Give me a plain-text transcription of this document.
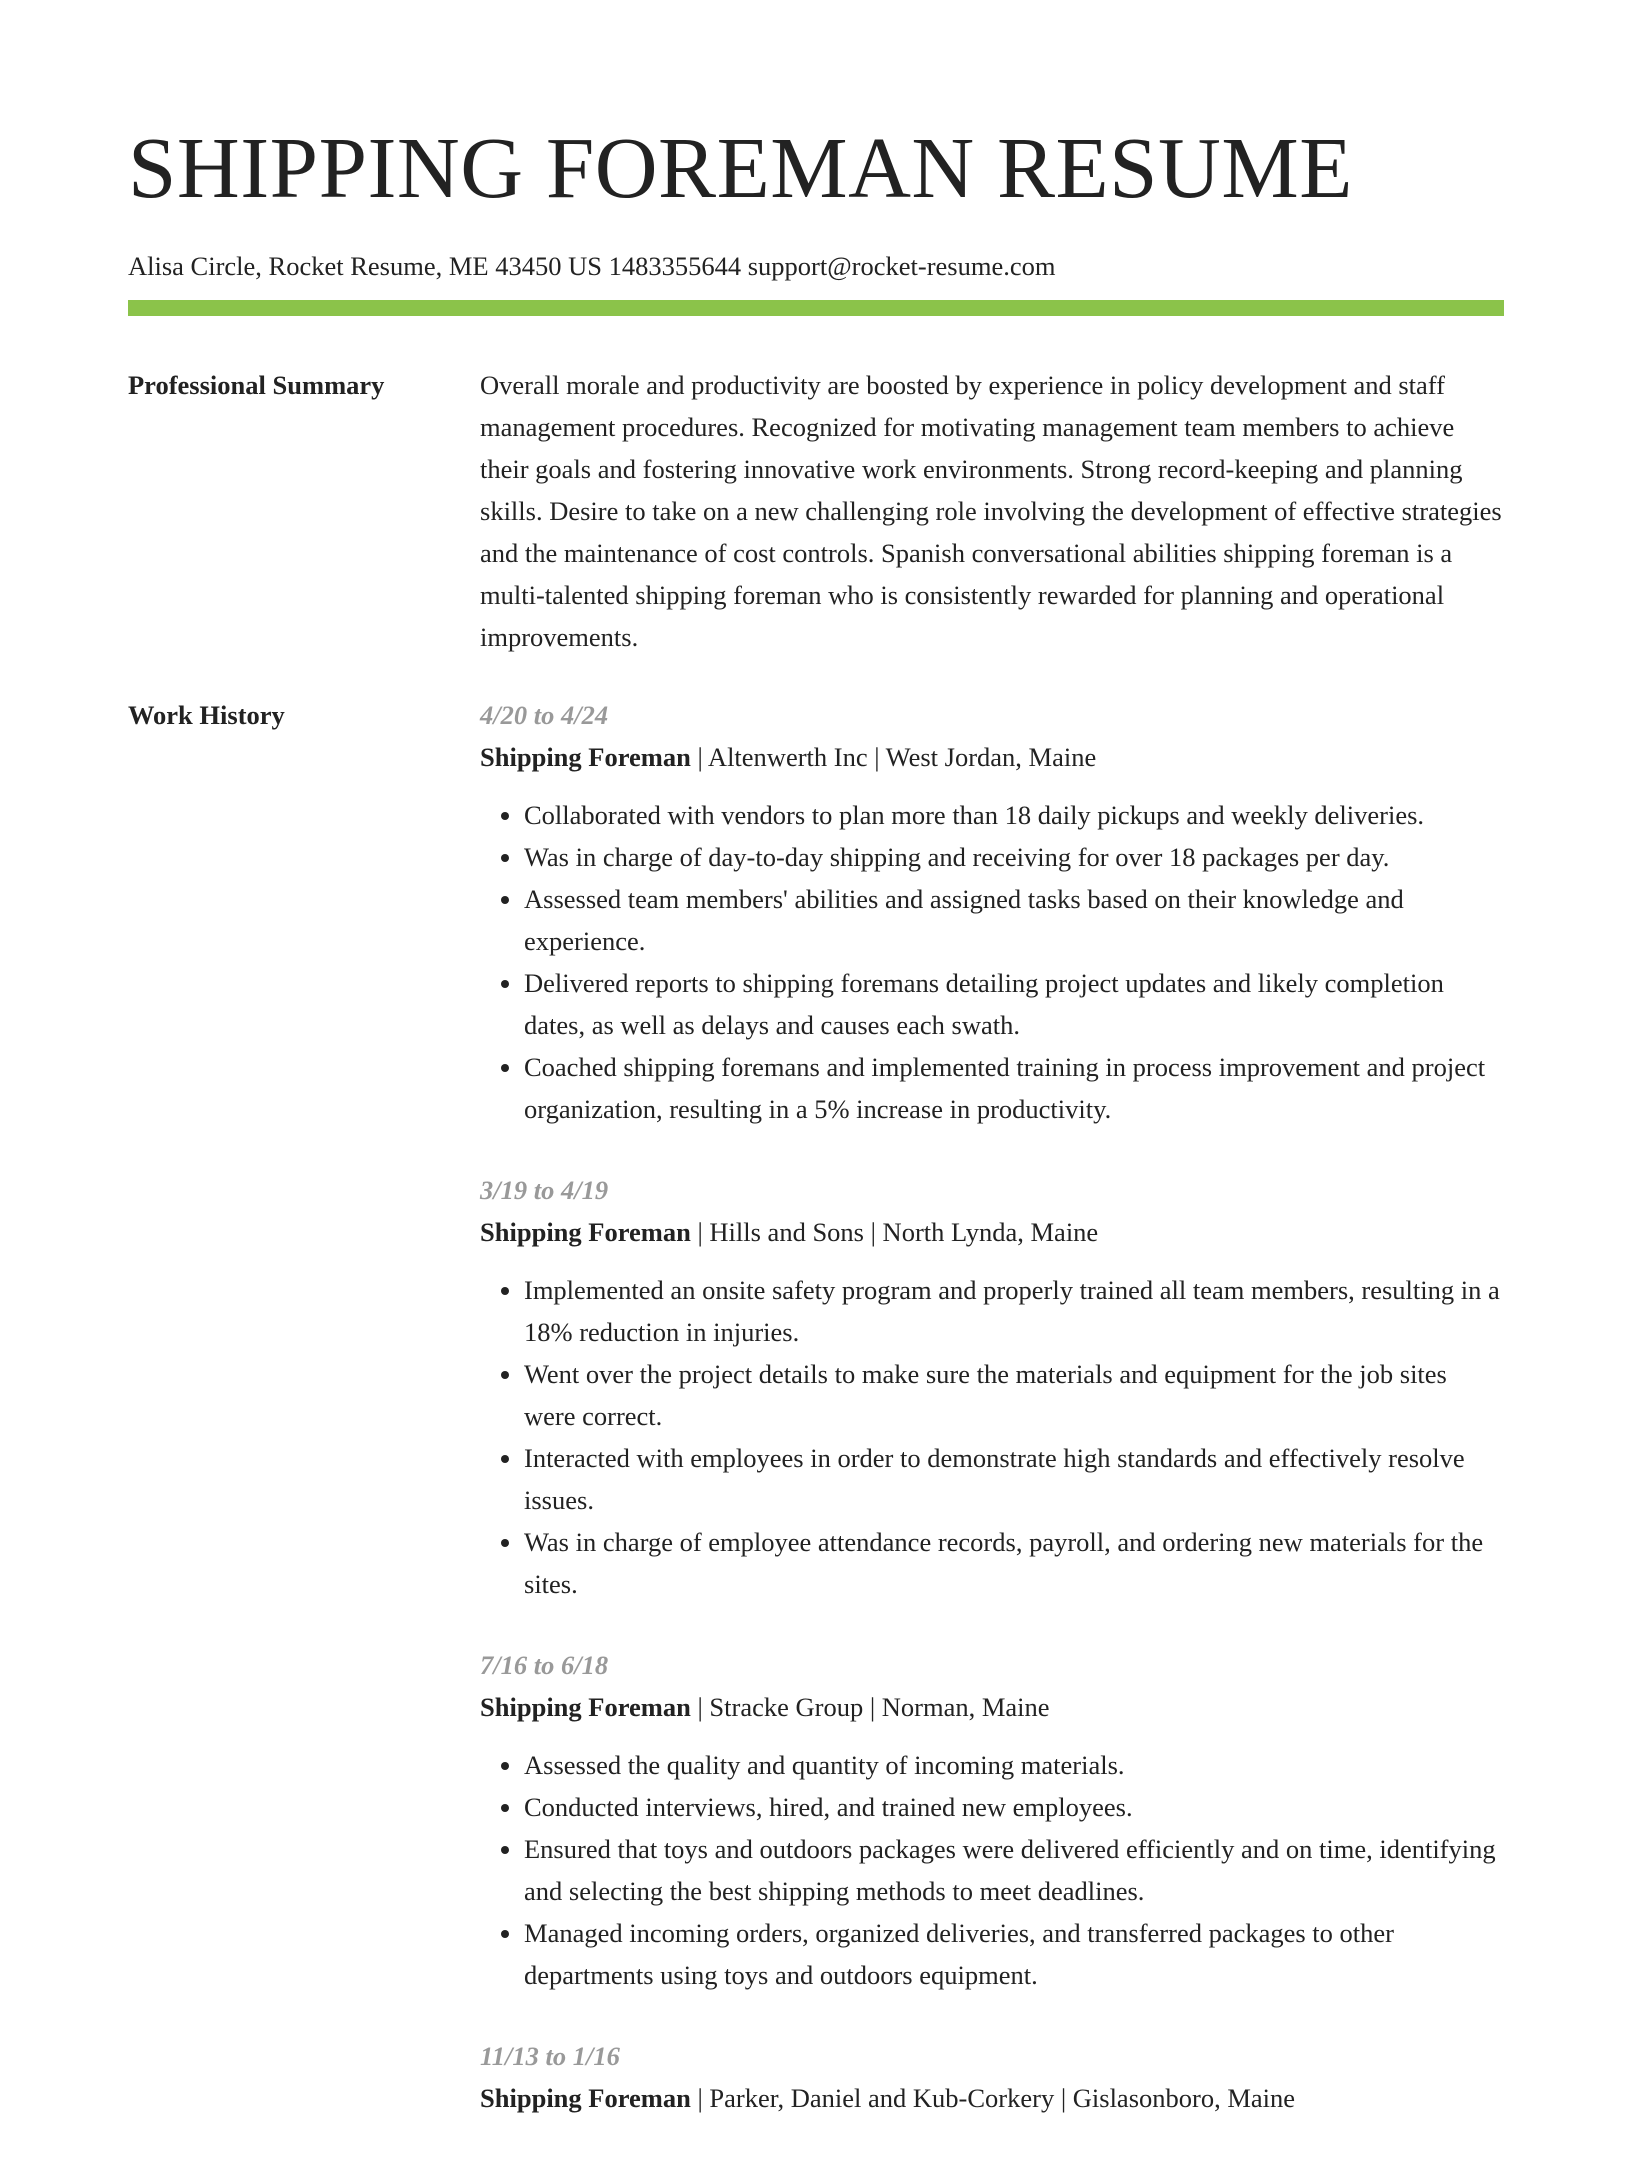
SHIPPING FOREMAN RESUME
Alisa Circle, Rocket Resume, ME 43450 US 1483355644 support@rocket-resume.com
Professional Summary	Overall morale and productivity are boosted by experience in policy development and staff management procedures. Recognized for motivating management team members to achieve their goals and fostering innovative work environments. Strong record-keeping and planning skills. Desire to take on a new challenging role involving the development of effective strategies and the maintenance of cost controls. Spanish conversational abilities shipping foreman is a multi-talented shipping foreman who is consistently rewarded for planning and operational improvements.

Work History	4/20 to 4/24
Shipping Foreman | Altenwerth Inc | West Jordan, Maine
• Collaborated with vendors to plan more than 18 daily pickups and weekly deliveries.
• Was in charge of day-to-day shipping and receiving for over 18 packages per day.
• Assessed team members' abilities and assigned tasks based on their knowledge and experience.
• Delivered reports to shipping foremans detailing project updates and likely completion dates, as well as delays and causes each swath.
• Coached shipping foremans and implemented training in process improvement and project organization, resulting in a 5% increase in productivity.
3/19 to 4/19
Shipping Foreman | Hills and Sons | North Lynda, Maine
• Implemented an onsite safety program and properly trained all team members, resulting in a 18% reduction in injuries.
• Went over the project details to make sure the materials and equipment for the job sites were correct.
• Interacted with employees in order to demonstrate high standards and effectively resolve issues.
• Was in charge of employee attendance records, payroll, and ordering new materials for the sites.
7/16 to 6/18
Shipping Foreman | Stracke Group | Norman, Maine
• Assessed the quality and quantity of incoming materials.
• Conducted interviews, hired, and trained new employees.
• Ensured that toys and outdoors packages were delivered efficiently and on time, identifying and selecting the best shipping methods to meet deadlines.
• Managed incoming orders, organized deliveries, and transferred packages to other departments using toys and outdoors equipment.
11/13 to 1/16
Shipping Foreman | Parker, Daniel and Kub-Corkery | Gislasonboro, Maine
